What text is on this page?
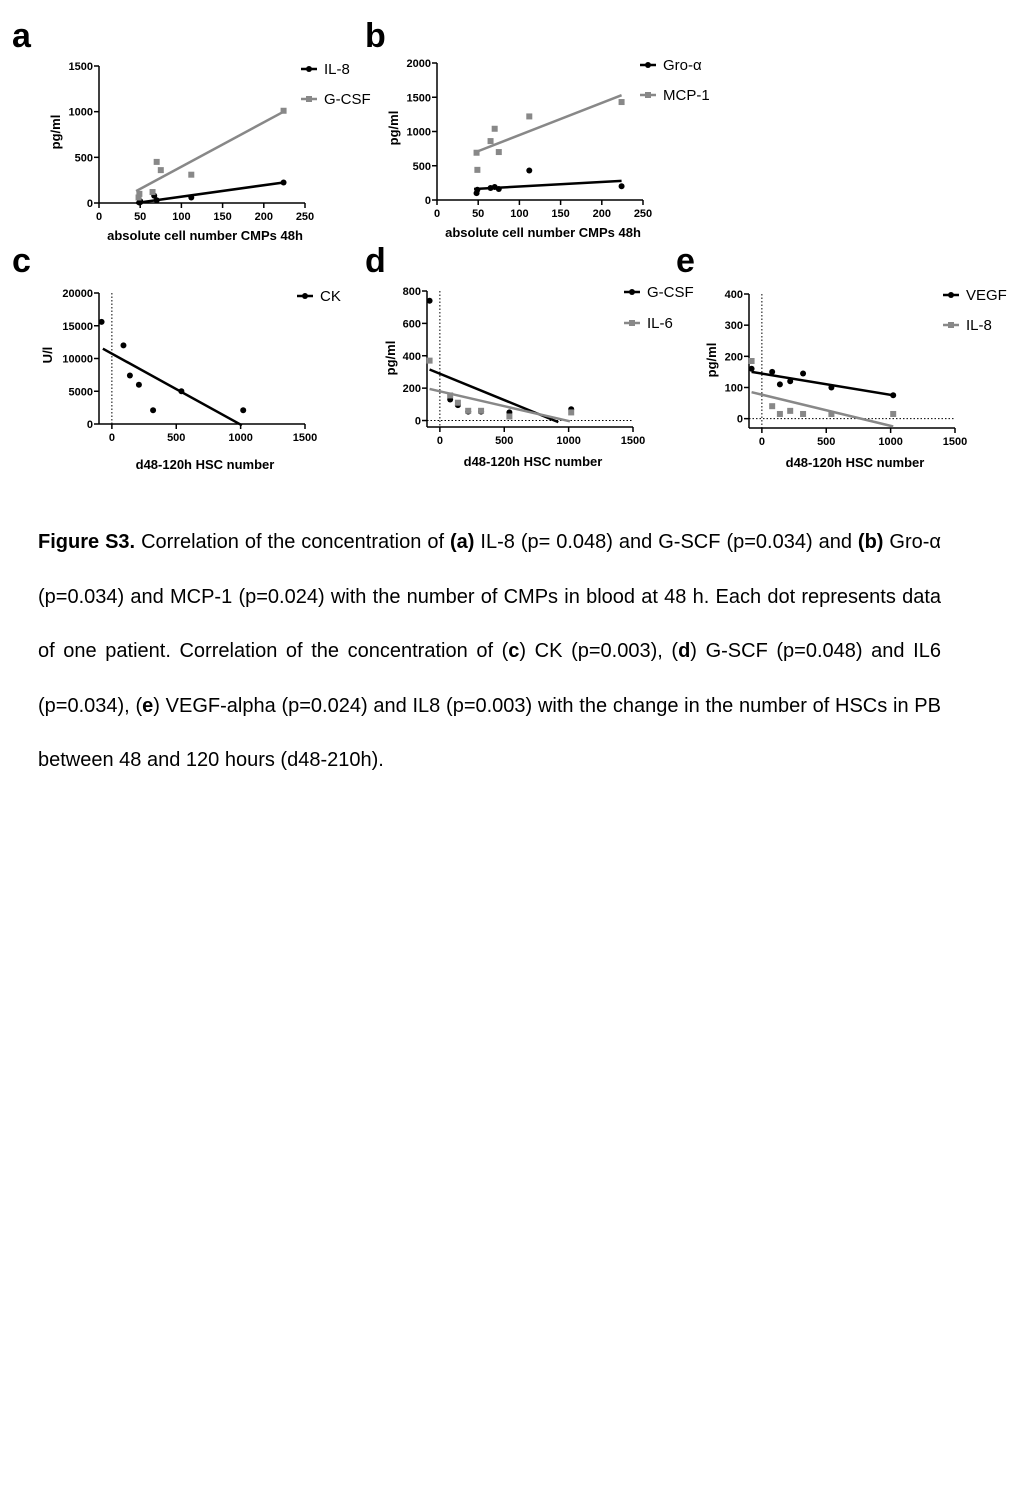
a
0
500
1000
1500
0	50 100 150 200 250
absolute cell number CMPs 48h
pg/ml
IL-8
G-CSF
b
0
500
1000
1500
2000
0	50 100 150 200 250
absolute cell number CMPs 48h
pg/ml
Gro-α
MCP-1
c
0
5000
10000
15000
20000
0	500	1000	1500
d48-120h HSC number
U/l
CK
d
0
200
400
600
800
0	500	1000	1500
d48-120h HSC number
pg/ml
G-CSF
IL-6
e
0
100
200
300
400
0	500	1000	1500
d48-120h HSC number
pg/ml
VEGF
IL-8

Figure S3. Correlation of the concentration of (a) IL-8 (p= 0.048) and G-SCF (p=0.034) and (b) Gro-α (p=0.034) and MCP-1 (p=0.024) with the number of CMPs in blood at 48 h. Each dot represents data of one patient. Correlation of the concentration of (c) CK (p=0.003), (d) G-SCF (p=0.048) and IL6 (p=0.034), (e) VEGF-alpha (p=0.024) and IL8 (p=0.003) with the change in the number of HSCs in PB between 48 and 120 hours (d48-210h).
